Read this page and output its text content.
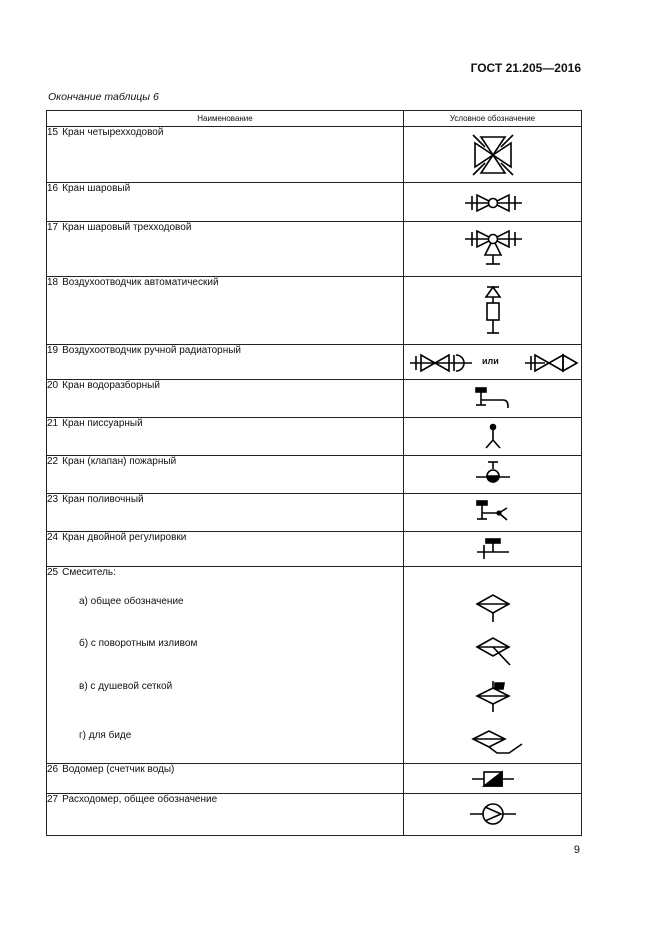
ГОСТ 21.205—2016
Окончание таблицы 6
Наименование	Условное обозначение
15 Кран четырехходовой	

16 Кран шаровый	

17 Кран шаровый трехходовой	

18 Воздухоотводчик автоматический	

19 Воздухоотводчик ручной радиаторный	или

20 Кран водоразборный	

21 Кран писсуарный	

22 Кран (клапан) пожарный	

23 Кран поливочный	

24 Кран двойной регулировки	

25 Смеситель:
а) общее обозначение
б) с поворотным изливом
в) с душевой сеткой
г) для биде

26 Водомер (счетчик воды)	

27 Расходомер, общее обозначение	
9
